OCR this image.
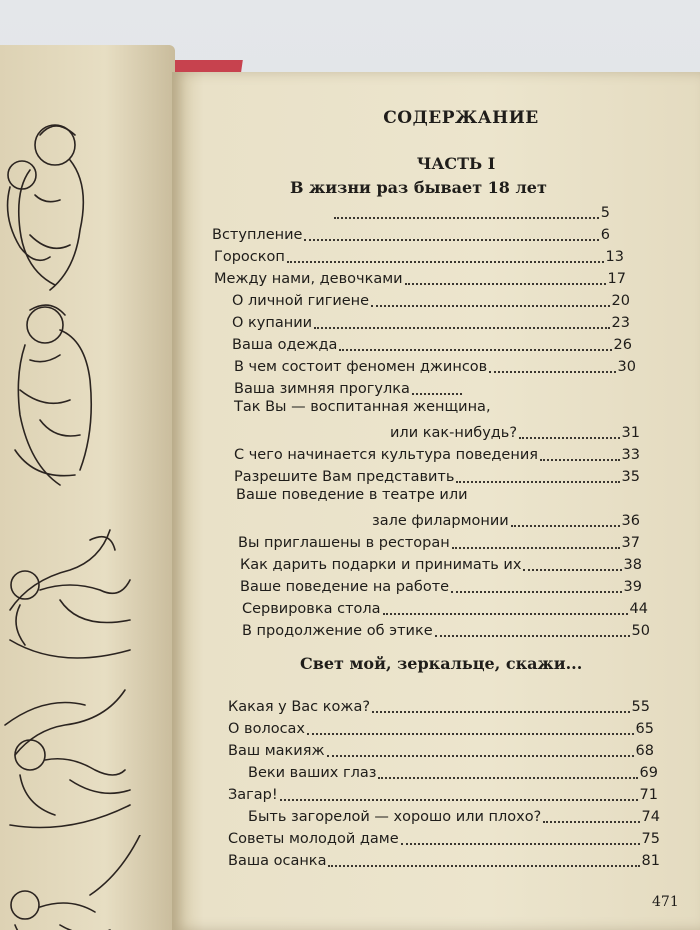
СОДЕРЖАНИЕ
ЧАСТЬ I
В жизни раз бывает 18 лет
5
Вступление	6
Гороскоп	13
Между нами, девочками	17
О личной гигиене	20
О купании	23
Ваша одежда	26
В чем состоит феномен джинсов	30
Ваша зимняя прогулка
Так Вы — воспитанная женщина,
или как-нибудь?	31
С чего начинается культура поведения	33
Разрешите Вам представить	35
Ваше поведение в театре или
зале филармонии	36
Вы приглашены в ресторан	37
Как дарить подарки и принимать их	38
Ваше поведение на работе	39
Сервировка стола	44
В продолжение об этике	50
Свет мой, зеркальце, скажи...
Какая у Вас кожа?	55
О волосах	65
Ваш макияж	68
Веки ваших глаз	69
Загар!	71
Быть загорелой — хорошо или плохо?	74
Советы молодой даме	75
Ваша осанка	81
471
